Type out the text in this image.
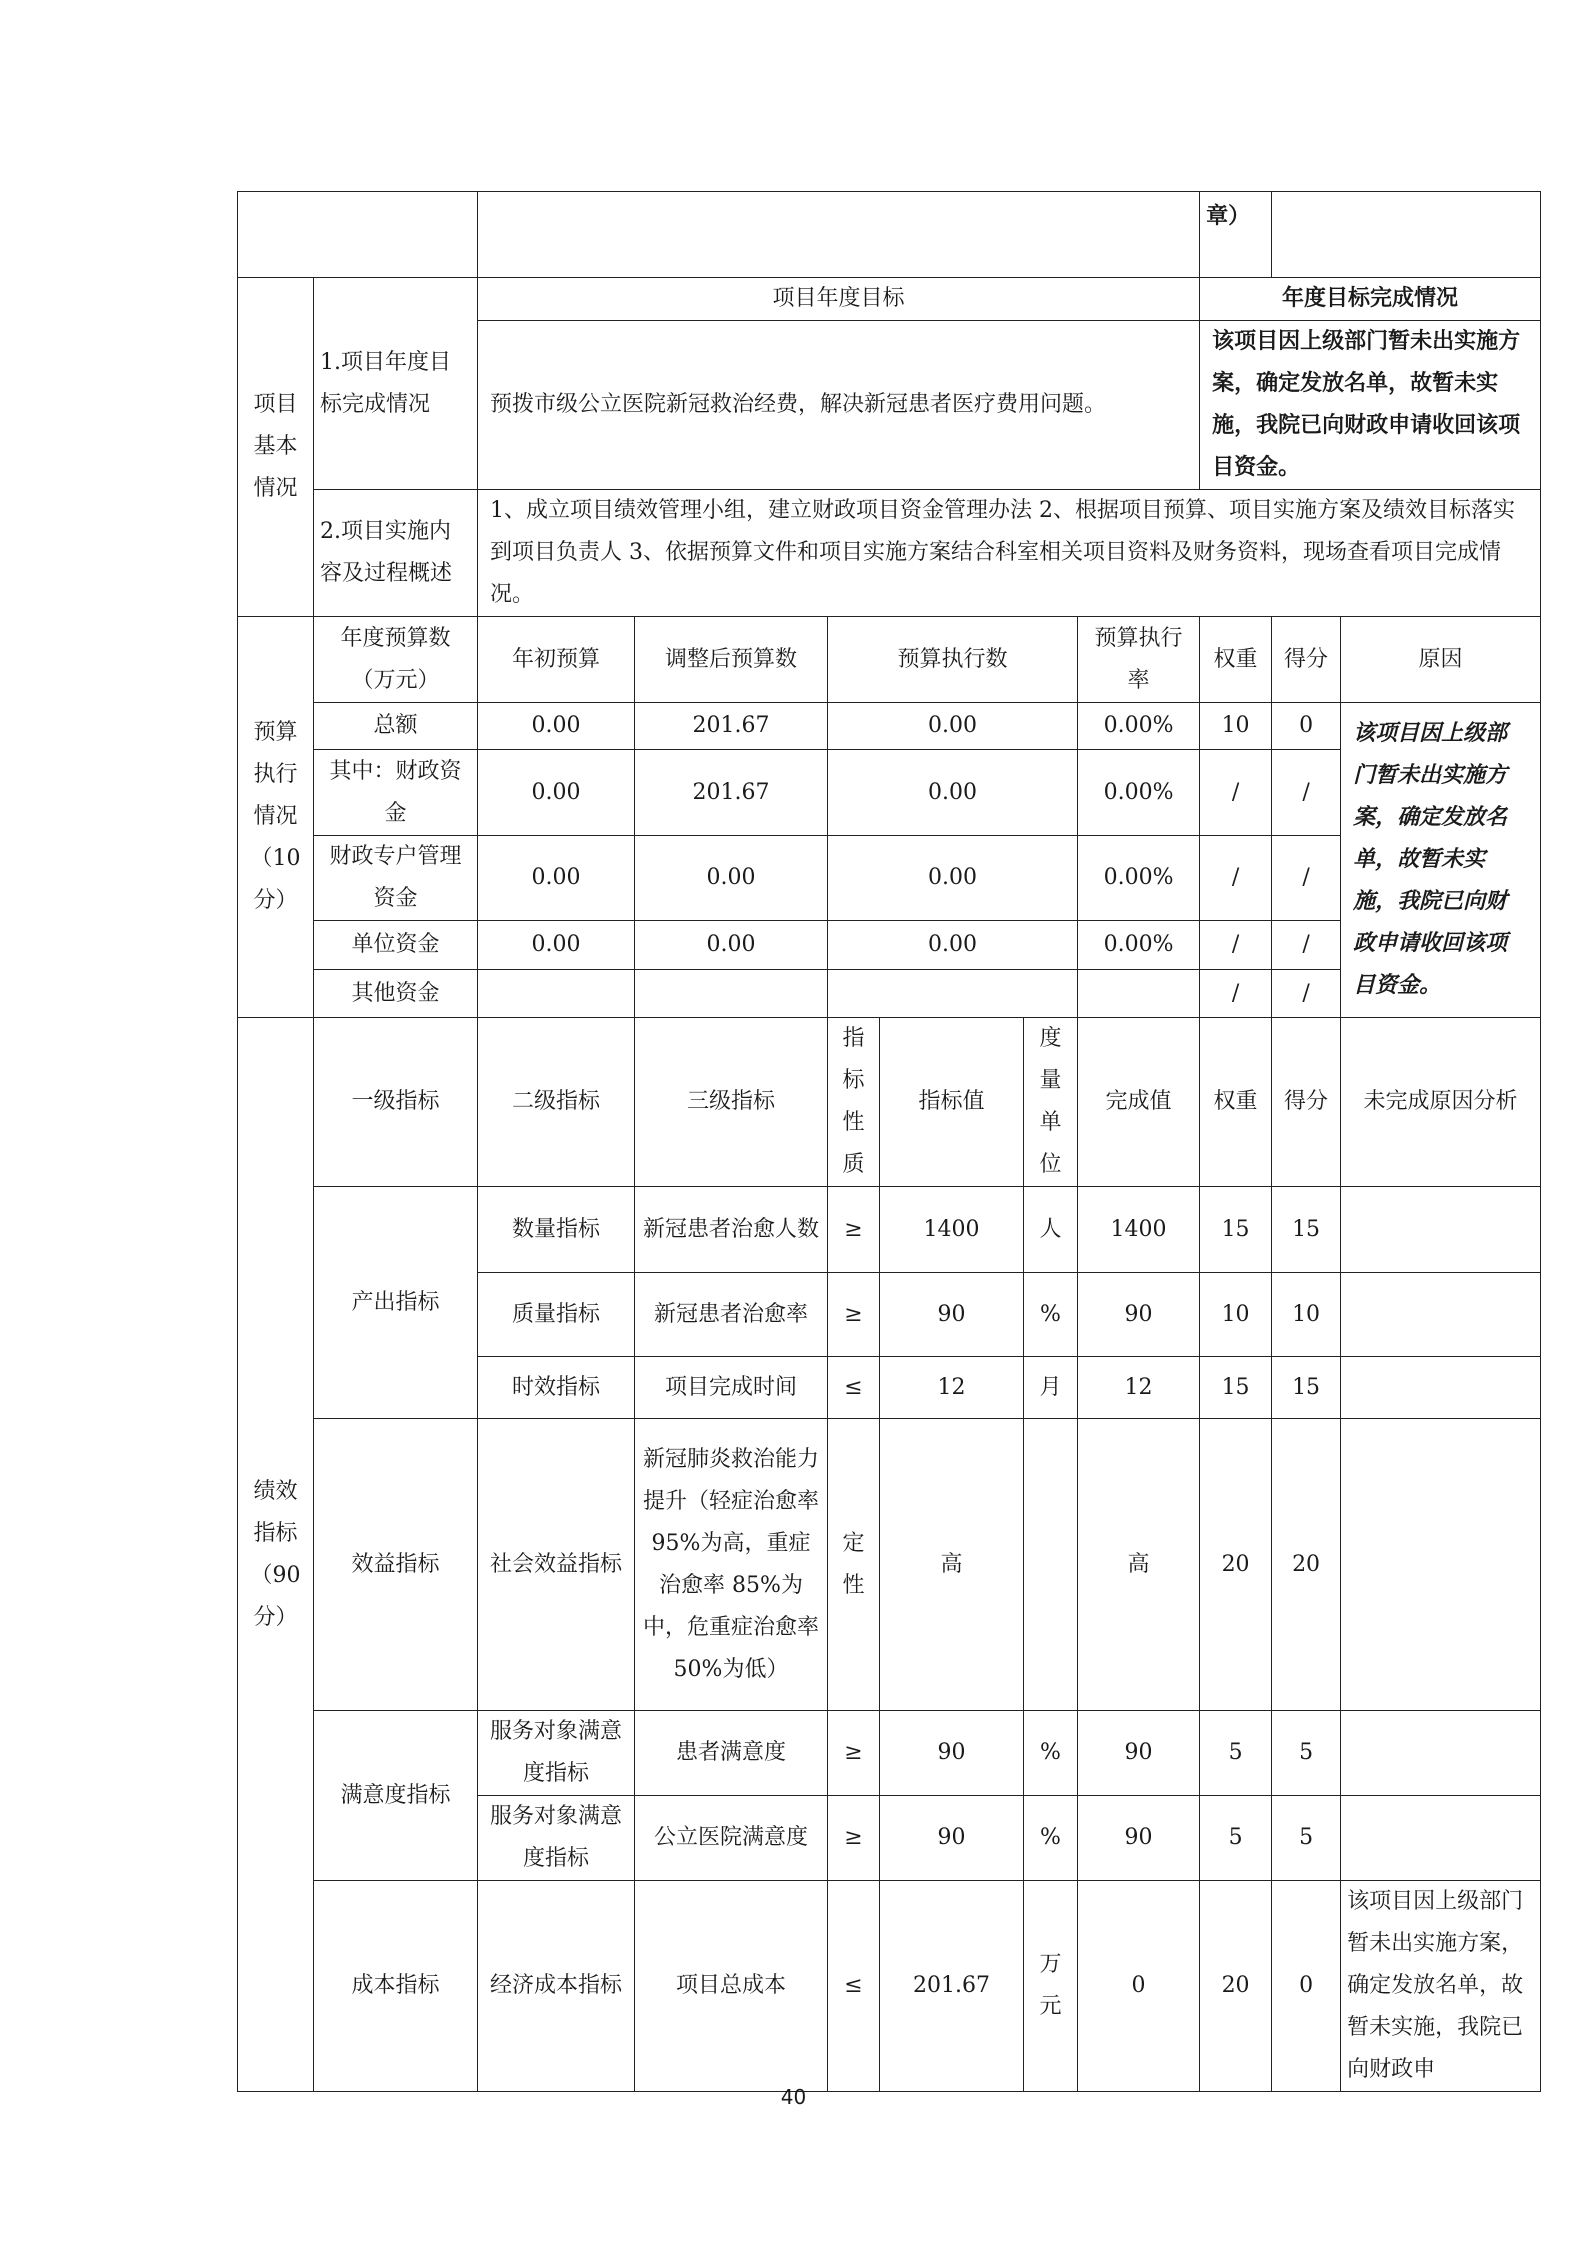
								章）		
项目基本情况	1.项目年度目标完成情况	项目年度目标						年度目标完成情况		
		预拨市级公立医院新冠救治经费，解决新冠患者医疗费用问题。						该项目因上级部门暂未出实施方案，确定发放名单，故暂未实施，我院已向财政申请收回该项目资金。		

	2.项目实施内容及过程概述	1、成立项目绩效管理小组，建立财政项目资金管理办法 2、根据项目预算、项目实施方案及绩效目标落实到项目负责人 3、依据预算文件和项目实施方案结合科室相关项目资料及财务资料，现场查看项目完成情况。								
预算执行情况（10分）	年度预算数（万元）	年初预算	调整后预算数	预算执行数			预算执行率	权重	得分	原因
	总额	0.00	201.67	0.00			0.00%	10	0	该项目因上级部门暂未出实施方案，确定发放名单，故暂未实施，我院已向财政申请收回该项目资金。
	其中：财政资金	0.00	201.67	0.00			0.00%	/	/	
	财政专户管理资金	0.00	0.00	0.00			0.00%	/	/	
	单位资金	0.00	0.00	0.00			0.00%	/	/	
	其他资金							/	/	
绩效指标（90分）	一级指标	二级指标	三级指标	指标性质	指标值	度量单位	完成值	权重	得分	未完成原因分析
	产出指标	数量指标	新冠患者治愈人数	≥	1400	人	1400	15	15	
		质量指标	新冠患者治愈率	≥	90	%	90	10	10	
		时效指标	项目完成时间	≤	12	月	12	15	15	
	效益指标	社会效益指标	新冠肺炎救治能力提升（轻症治愈率 95%为高，重症治愈率 85%为中，危重症治愈率 50%为低）	定性	高		高	20	20	
	满意度指标	服务对象满意度指标	患者满意度	≥	90	%	90	5	5	
		服务对象满意度指标	公立医院满意度	≥	90	%	90	5	5	
	成本指标	经济成本指标	项目总成本	≤	201.67	万元	0	20	0	该项目因上级部门暂未出实施方案，确定发放名单，故暂未实施，我院已向财政申
40
